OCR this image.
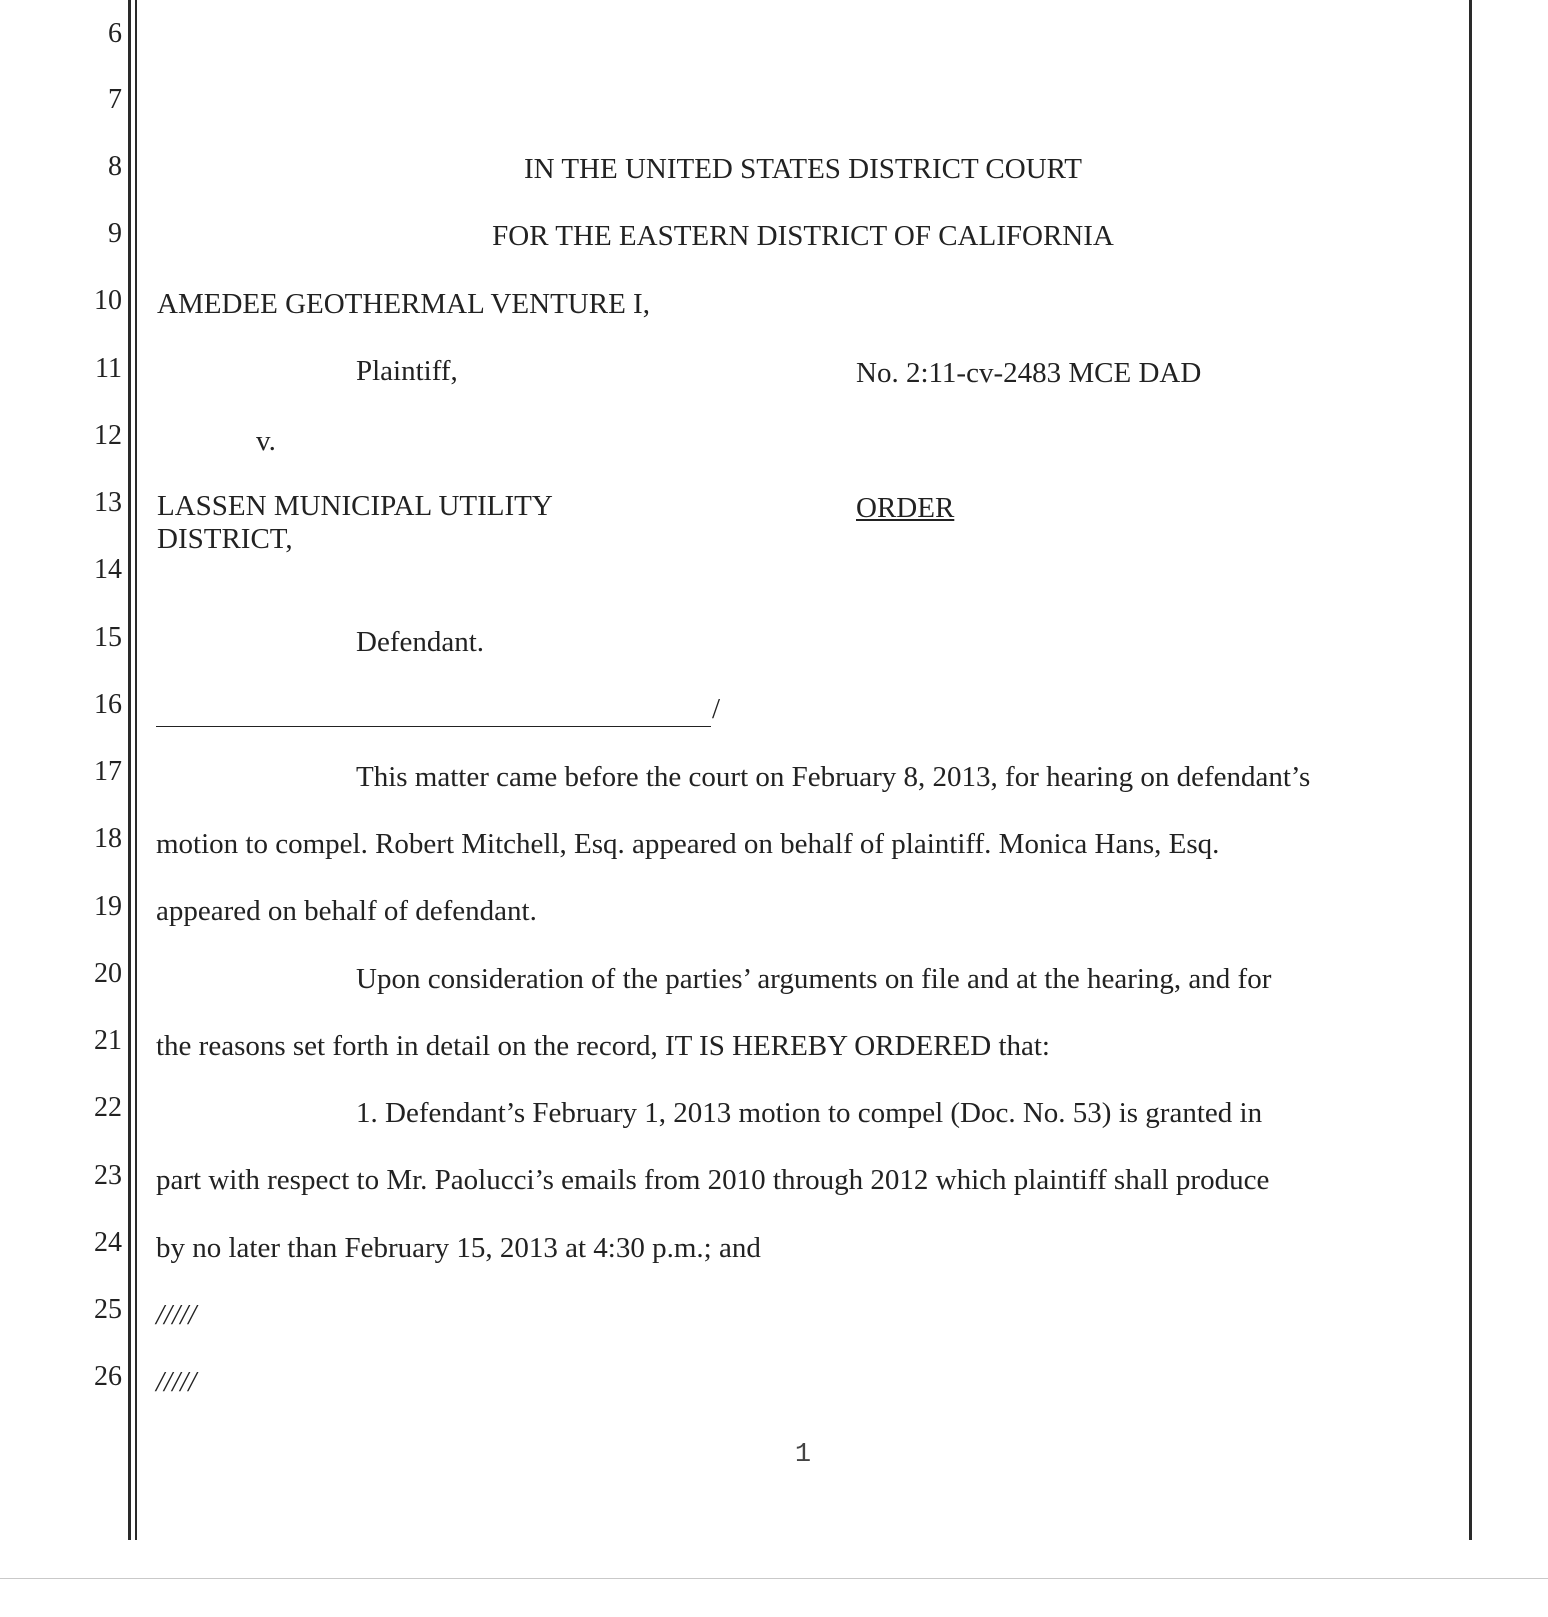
6
7
8
9
10
11
12
13
14
15
16
17
18
19
20
21
22
23
24
25
26
IN THE UNITED STATES DISTRICT COURT
FOR THE EASTERN DISTRICT OF CALIFORNIA
AMEDEE GEOTHERMAL VENTURE I,
Plaintiff,	No. 2:11-cv-2483 MCE DAD
v.
LASSEN MUNICIPAL UTILITY
DISTRICT,
ORDER
Defendant.
/
This matter came before the court on February 8, 2013, for hearing on defendant’s
motion to compel. Robert Mitchell, Esq. appeared on behalf of plaintiff. Monica Hans, Esq.
appeared on behalf of defendant.
Upon consideration of the parties’ arguments on file and at the hearing, and for
the reasons set forth in detail on the record, IT IS HEREBY ORDERED that:
1. Defendant’s February 1, 2013 motion to compel (Doc. No. 53) is granted in
part with respect to Mr. Paolucci’s emails from 2010 through 2012 which plaintiff shall produce
by no later than February 15, 2013 at 4:30 p.m.; and
/////
/////
1
